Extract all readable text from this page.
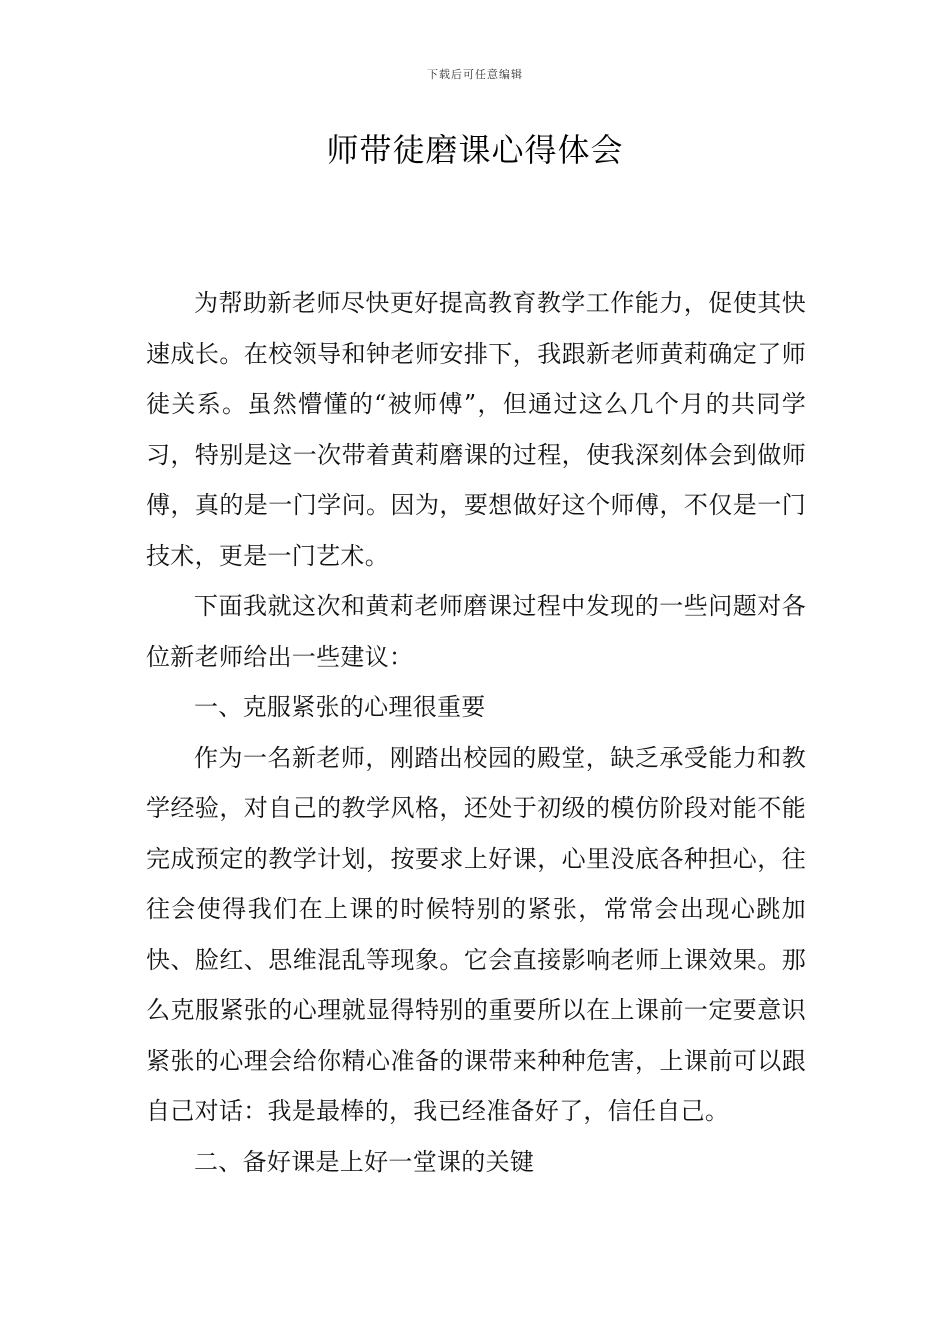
下载后可任意编辑
师带徒磨课心得体会

为帮助新老师尽快更好提高教育教学工作能力，促使其快速成长。在校领导和钟老师安排下，我跟新老师黄莉确定了师徒关系。虽然懵懂的“被师傅”，但通过这么几个月的共同学习，特别是这一次带着黄莉磨课的过程，使我深刻体会到做师傅，真的是一门学问。因为，要想做好这个师傅，不仅是一门技术，更是一门艺术。

下面我就这次和黄莉老师磨课过程中发现的一些问题对各位新老师给出一些建议：

一、克服紧张的心理很重要

作为一名新老师，刚踏出校园的殿堂，缺乏承受能力和教学经验，对自己的教学风格，还处于初级的模仿阶段对能不能完成预定的教学计划，按要求上好课，心里没底各种担心，往往会使得我们在上课的时候特别的紧张，常常会出现心跳加快、脸红、思维混乱等现象。它会直接影响老师上课效果。那么克服紧张的心理就显得特别的重要所以在上课前一定要意识紧张的心理会给你精心准备的课带来种种危害，上课前可以跟自己对话：我是最棒的，我已经准备好了，信任自己。

二、备好课是上好一堂课的关键
